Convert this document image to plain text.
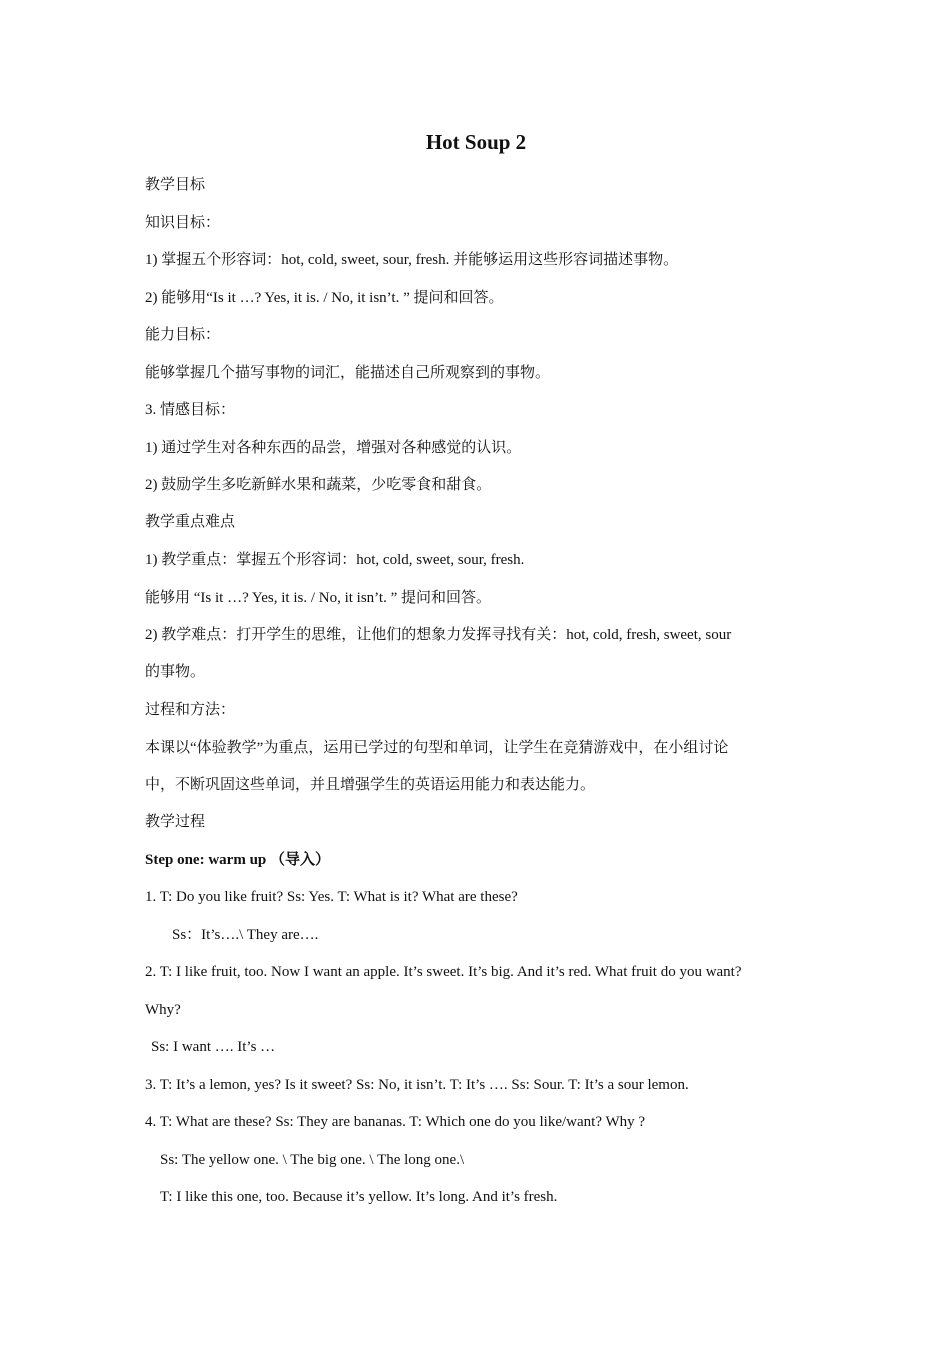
Hot Soup 2
教学目标
知识目标：
1) 掌握五个形容词：hot, cold, sweet, sour, fresh. 并能够运用这些形容词描述事物。
2) 能够用“Is it …? Yes, it is. / No, it isn’t. ” 提问和回答。
能力目标：
能够掌握几个描写事物的词汇，能描述自己所观察到的事物。
3. 情感目标：
1) 通过学生对各种东西的品尝，增强对各种感觉的认识。
2) 鼓励学生多吃新鲜水果和蔬菜，少吃零食和甜食。
教学重点难点
1) 教学重点：掌握五个形容词：hot, cold, sweet, sour, fresh.
能够用 “Is it …? Yes, it is. / No, it isn’t. ” 提问和回答。
2) 教学难点：打开学生的思维，让他们的想象力发挥寻找有关：hot, cold, fresh, sweet, sour
的事物。
过程和方法：
本课以“体验教学”为重点，运用已学过的句型和单词，让学生在竞猜游戏中，在小组讨论
中，不断巩固这些单词，并且增强学生的英语运用能力和表达能力。
教学过程
Step one: warm up （导入）
1. T: Do you like fruit? Ss: Yes. T: What is it? What are these?
Ss：It’s….\ They are….
2. T: I like fruit, too. Now I want an apple. It’s sweet. It’s big. And it’s red. What fruit do you want?
Why?
Ss: I want …. It’s …
3. T: It’s a lemon, yes? Is it sweet? Ss: No, it isn’t. T: It’s …. Ss: Sour. T: It’s a sour lemon.
4. T: What are these? Ss: They are bananas. T: Which one do you like/want? Why ?
Ss: The yellow one. \ The big one. \ The long one.\
T: I like this one, too. Because it’s yellow. It’s long. And it’s fresh.
